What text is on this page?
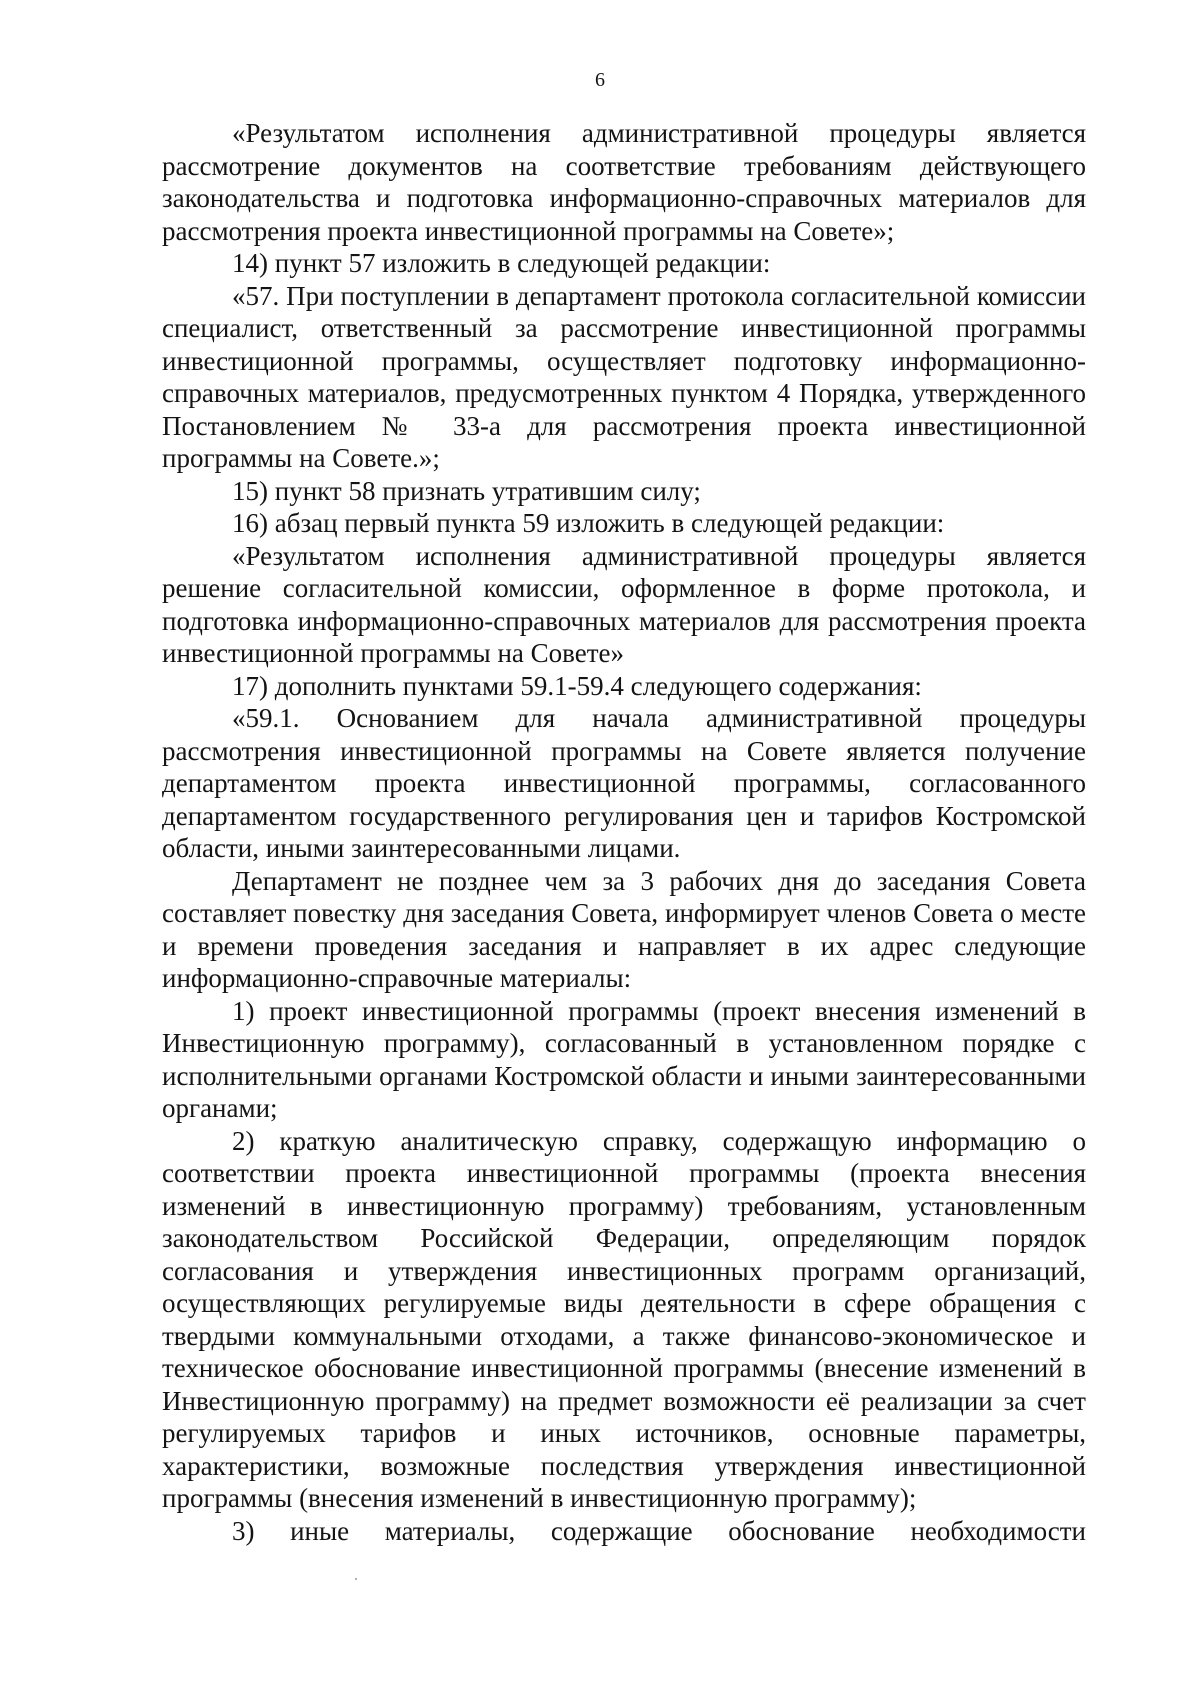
6

«Результатом исполнения административной процедуры является рассмотрение документов на соответствие требованиям действующего законодательства и подготовка информационно-справочных материалов для рассмотрения проекта инвестиционной программы на Совете»;

14) пункт 57 изложить в следующей редакции:

«57. При поступлении в департамент протокола согласительной комиссии специалист, ответственный за рассмотрение инвестиционной программы инвестиционной программы, осуществляет подготовку информационно-справочных материалов, предусмотренных пунктом 4 Порядка, утвержденного Постановлением № 33-а для рассмотрения проекта инвестиционной программы на Совете.»;

15) пункт 58 признать утратившим силу;

16) абзац первый пункта 59 изложить в следующей редакции:

«Результатом исполнения административной процедуры является решение согласительной комиссии, оформленное в форме протокола, и подготовка информационно-справочных материалов для рассмотрения проекта инвестиционной программы на Совете»

17) дополнить пунктами 59.1-59.4 следующего содержания:

«59.1. Основанием для начала административной процедуры рассмотрения инвестиционной программы на Совете является получение департаментом проекта инвестиционной программы, согласованного департаментом государственного регулирования цен и тарифов Костромской области, иными заинтересованными лицами.

Департамент не позднее чем за 3 рабочих дня до заседания Совета составляет повестку дня заседания Совета, информирует членов Совета о месте и времени проведения заседания и направляет в их адрес следующие информационно-справочные материалы:

1) проект инвестиционной программы (проект внесения изменений в Инвестиционную программу), согласованный в установленном порядке с исполнительными органами Костромской области и иными заинтересованными органами;

2) краткую аналитическую справку, содержащую информацию о соответствии проекта инвестиционной программы (проекта внесения изменений в инвестиционную программу) требованиям, установленным законодательством Российской Федерации, определяющим порядок согласования и утверждения инвестиционных программ организаций, осуществляющих регулируемые виды деятельности в сфере обращения с твердыми коммунальными отходами, а также финансово-экономическое и техническое обоснование инвестиционной программы (внесение изменений в Инвестиционную программу) на предмет возможности её реализации за счет регулируемых тарифов и иных источников, основные параметры, характеристики, возможные последствия утверждения инвестиционной программы (внесения изменений в инвестиционную программу);

3) иные материалы, содержащие обоснование необходимости
